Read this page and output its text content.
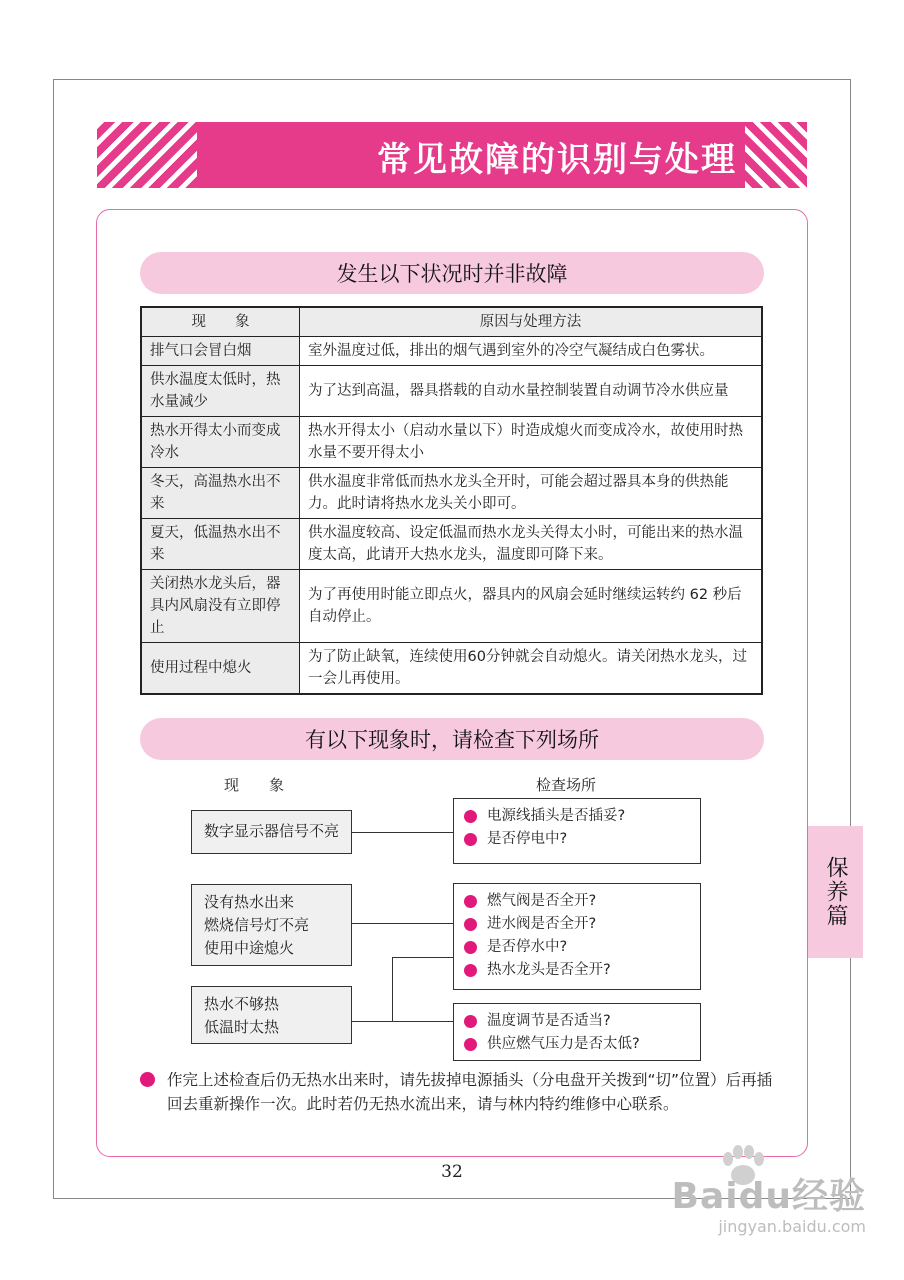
常见故障的识别与处理
发生以下状况时并非故障
现　　象	原因与处理方法
排气口会冒白烟	室外温度过低，排出的烟气遇到室外的冷空气凝结成白色雾状。
供水温度太低时，热水量减少	为了达到高温，器具搭载的自动水量控制装置自动调节冷水供应量
热水开得太小而变成冷水	热水开得太小（启动水量以下）时造成熄火而变成冷水，故使用时热水量不要开得太小
冬天，高温热水出不来	供水温度非常低而热水龙头全开时，可能会超过器具本身的供热能力。此时请将热水龙头关小即可。
夏天，低温热水出不来	供水温度较高、设定低温而热水龙头关得太小时，可能出来的热水温度太高，此请开大热水龙头，温度即可降下来。
关闭热水龙头后，器具内风扇没有立即停止	为了再使用时能立即点火，器具内的风扇会延时继续运转约 62 秒后自动停止。
使用过程中熄火	为了防止缺氧，连续使用60分钟就会自动熄火。请关闭热水龙头，过一会儿再使用。
有以下现象时，请检查下列场所
现　　象	检查场所
数字显示器信号不亮
没有热水出来
燃烧信号灯不亮
使用中途熄火
热水不够热
低温时太热
电源线插头是否插妥?
是否停电中?
燃气阀是否全开?
进水阀是否全开?
是否停水中?
热水龙头是否全开?
温度调节是否适当?
供应燃气压力是否太低?
作完上述检查后仍无热水出来时，请先拔掉电源插头（分电盘开关拨到“切”位置）后再插回去重新操作一次。此时若仍无热水流出来，请与林内特约维修中心联系。
保养篇
32
Baidu经验
jingyan.baidu.com
